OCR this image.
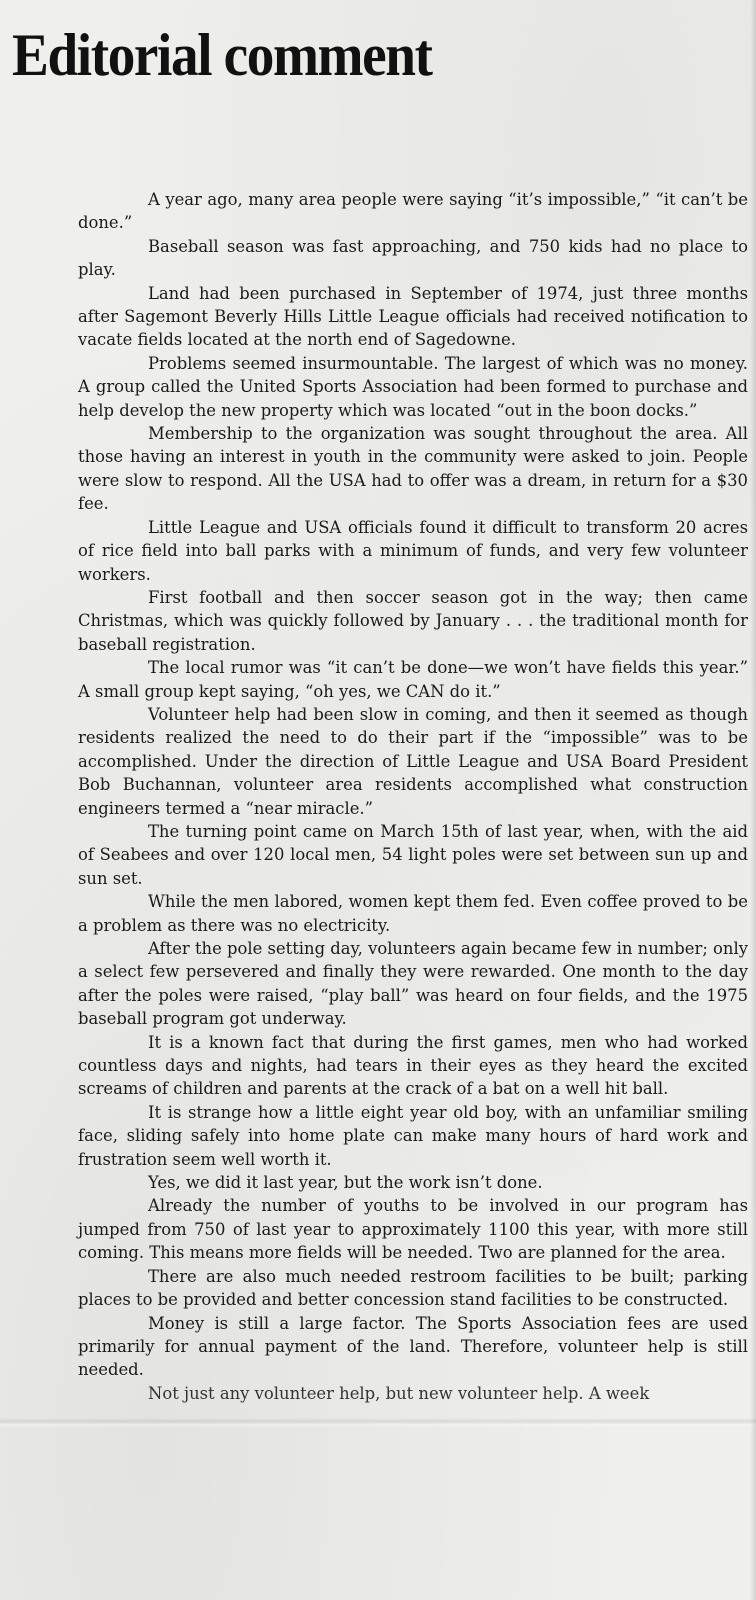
Editorial comment

A year ago, many area people were saying “it’s impossible,” “it can’t be done.”

Baseball season was fast approaching, and 750 kids had no place to play.

Land had been purchased in September of 1974, just three months after Sagemont Beverly Hills Little League officials had received notification to vacate fields located at the north end of Sagedowne.

Problems seemed insurmountable. The largest of which was no money. A group called the United Sports Association had been formed to purchase and help develop the new property which was located “out in the boon docks.”

Membership to the organization was sought throughout the area. All those having an interest in youth in the community were asked to join. People were slow to respond. All the USA had to offer was a dream, in return for a $30 fee.

Little League and USA officials found it difficult to transform 20 acres of rice field into ball parks with a minimum of funds, and very few volunteer workers.

First football and then soccer season got in the way; then came Christmas, which was quickly followed by January . . . the traditional month for baseball registration.

The local rumor was “it can’t be done—we won’t have fields this year.” A small group kept saying, “oh yes, we CAN do it.”

Volunteer help had been slow in coming, and then it seemed as though residents realized the need to do their part if the “impossible” was to be accomplished. Under the direction of Little League and USA Board President Bob Buchannan, volunteer area residents accomplished what construction engineers termed a “near miracle.”

The turning point came on March 15th of last year, when, with the aid of Seabees and over 120 local men, 54 light poles were set between sun up and sun set.

While the men labored, women kept them fed. Even coffee proved to be a problem as there was no electricity.

After the pole setting day, volunteers again became few in number; only a select few persevered and finally they were rewarded. One month to the day after the poles were raised, “play ball” was heard on four fields, and the 1975 baseball program got underway.

It is a known fact that during the first games, men who had worked countless days and nights, had tears in their eyes as they heard the excited screams of children and parents at the crack of a bat on a well hit ball.

It is strange how a little eight year old boy, with an unfamiliar smiling face, sliding safely into home plate can make many hours of hard work and frustration seem well worth it.

Yes, we did it last year, but the work isn’t done.

Already the number of youths to be involved in our program has jumped from 750 of last year to approximately 1100 this year, with more still coming. This means more fields will be needed. Two are planned for the area.

There are also much needed restroom facilities to be built; parking places to be provided and better concession stand facilities to be constructed.

Money is still a large factor. The Sports Association fees are used primarily for annual payment of the land. Therefore, volunteer help is still needed.

Not just any volunteer help, but new volunteer help. A week
